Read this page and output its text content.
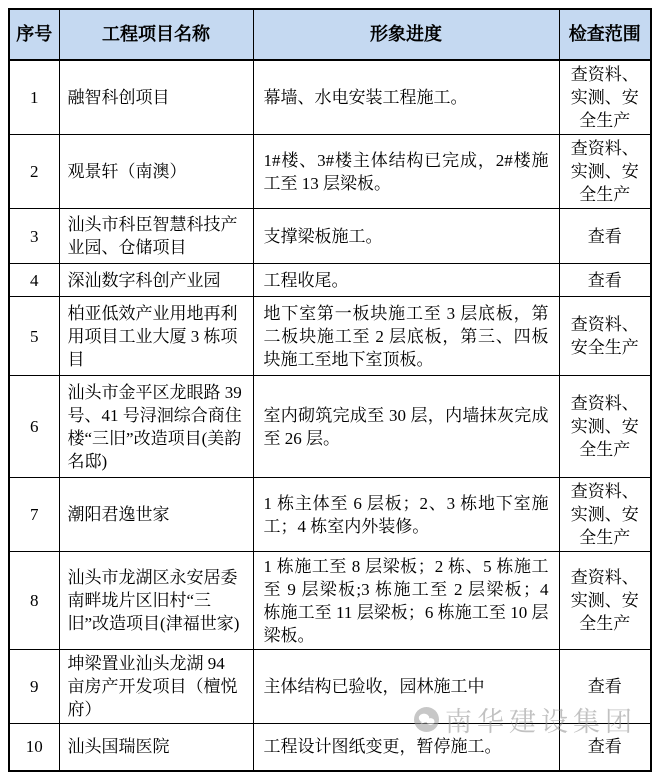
序号	工程项目名称	形象进度	检查范围
1	融智科创项目	幕墙、水电安装工程施工。	查资料、实测、安全生产
2	观景轩（南澳）	1#楼、3#楼主体结构已完成，2#楼施工至 13 层梁板。	查资料、实测、安全生产
3	汕头市科臣智慧科技产业园、仓储项目	支撑梁板施工。	查看
4	深汕数字科创产业园	工程收尾。	查看
5	柏亚低效产业用地再利用项目工业大厦 3 栋项目	地下室第一板块施工至 3 层底板，第二板块施工至 2 层底板，第三、四板块施工至地下室顶板。	查资料、安全生产
6	汕头市金平区龙眼路 39 号、41 号浔洄综合商住楼“三旧”改造项目(美韵名邸)	室内砌筑完成至 30 层，内墙抹灰完成至 26 层。	查资料、实测、安全生产
7	潮阳君逸世家	1 栋主体至 6 层板；2、3 栋地下室施工；4 栋室内外装修。	查资料、实测、安全生产
8	汕头市龙湖区永安居委南畔垅片区旧村“三旧”改造项目(津福世家)	1 栋施工至 8 层梁板；2 栋、5 栋施工至 9 层梁板;3 栋施工至 2 层梁板；4 栋施工至 11 层梁板；6 栋施工至 10 层梁板。	查资料、实测、安全生产
9	坤梁置业汕头龙湖 94 亩房产开发项目（檀悦府）	主体结构已验收，园林施工中	查看
10	汕头国瑞医院	工程设计图纸变更，暂停施工。	查看
南华建设集团
